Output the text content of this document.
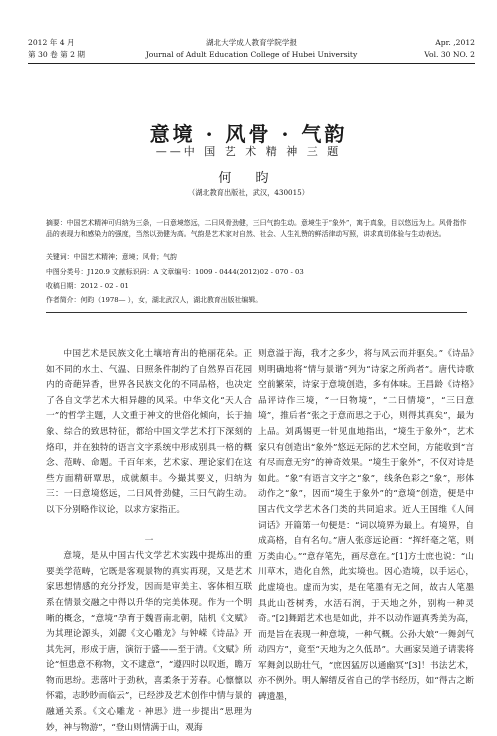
2012 年 4 月	湖北大学成人教育学院学报	Apr. ,2012
第 30 卷 第 2 期	Journal of Adult Education College of Hubei University	Vol. 30 NO. 2
意境 · 风骨 · 气韵
——中 国 艺 术 精 神 三 题
何 昀
（湖北教育出版社，武汉，430015）
摘要：中国艺术精神可归纳为三条，一曰意境悠远，二曰风骨劲健，三曰气韵生动。意境生于“象外”，寓于真象，目以悠远为上。风骨指作品的表现力和感染力的强度，当然以劲健为高。气韵是艺术家对自然、社会、人生礼赞的鲜活律动写照，讲求真切体验与生动表达。
关键词：中国艺术精神；意境；风骨；气韵
中图分类号：J120.9 文献标识码：A 文章编号：1009 - 0444(2012)02 - 070 - 03
收稿日期：2012 - 02 - 01
作者简介：何昀（1978— ），女，湖北武汉人，湖北教育出版社编辑。

中国艺术是民族文化土壤培育出的艳丽花朵。正如不同的水土、气温、日照条件制约了自然界百花园内的奇葩异香，世界各民族文化的不同品格，也决定了各自文学艺术大相异趣的风采。中华文化“天人合一”的哲学主题，人文重于神文的世俗化倾向，长于抽象、综合的致思特征，都给中国文学艺术打下深刻的烙印，并在独特的语言文字系统中形成别具一格的概念、范畴、命题。千百年来，艺术家、理论家们在这些方面精研覃思，成就颇丰。今撮其要义，归纳为三：一曰意境悠远，二曰风骨劲健，三曰气韵生动。以下分别略作议论，以求方家指正。

一

意境，是从中国古代文学艺术实践中提炼出的重要美学范畴，它既是客观景物的真实再现，又是艺术家思想情感的充分抒发，因而是审美主、客体相互联系在情景交融之中得以升华的完美体现。作为一个明晰的概念，“意境”孕育于魏晋南北朝，陆机《文赋》为其理论源头，刘勰《文心雕龙》与钟嵘《诗品》开其先河，形成于唐，演衍于盛——至于清。《文赋》所论“恒患意不称物，文不逮意”，“遵四时以叹逝，瞻万物而思纷。悲落叶于劲秋，喜柔条于芳春。心懔懔以怀霜，志眇眇而临云”，已经涉及艺术创作中情与景的融通关系。《文心雕龙 · 神思》进一步提出“思理为妙，神与物游”，“登山则情满于山，观海

则意溢于海，我才之多少，将与风云而并驱矣。”《诗品》则明确地将“情与景谐”列为“诗家之所尚者”。唐代诗歌空前繁荣，诗家于意境创造，多有体味。王昌龄《诗格》品评诗作三境，“一曰物境”，“二曰情境”，“三曰意境”，推后者“张之于意而思之于心，则得其真矣”，最为上品。刘禹锡更一针见血地指出，“境生于象外”，艺术家只有创造出“象外”悠远无际的艺术空间，方能收到“言有尽而意无穷”的神奇效果。“境生于象外”，不仅对诗是如此。“象”有语言文字之“象”，线条色彩之“象”，形体动作之“象”，因而“境生于象外”的“意境”创造，便是中国古代文学艺术各门类的共同追求。近人王国维《人间词话》开篇第一句便是：“词以境界为最上。有境界，自成高格，自有名句。”唐人张彦远论画：“挥纤毫之笔，则万类由心。”“意存笔先，画尽意在。”[1]方士庶也说：“山川草木，造化自然，此实境也。因心造境，以手运心，此虚境也。虚而为实，是在笔墨有无之间，故古人笔墨具此山苍树秀，水活石润，于天地之外，别构一种灵奇。”[2]舞蹈艺术也是如此，并不以动作逼真秀美为高，而是旨在表现一种意境，一种气概。公孙大娘“一舞剑气动四方”，竟至“天地为之久低昂”。大画家吴道子请裴将军舞剑以助壮气，“庶因猛厉以通幽冥”[3]！书法艺术，亦不例外。明人解缙反省自己的学书经历，如“得古之断碑遗墨，
